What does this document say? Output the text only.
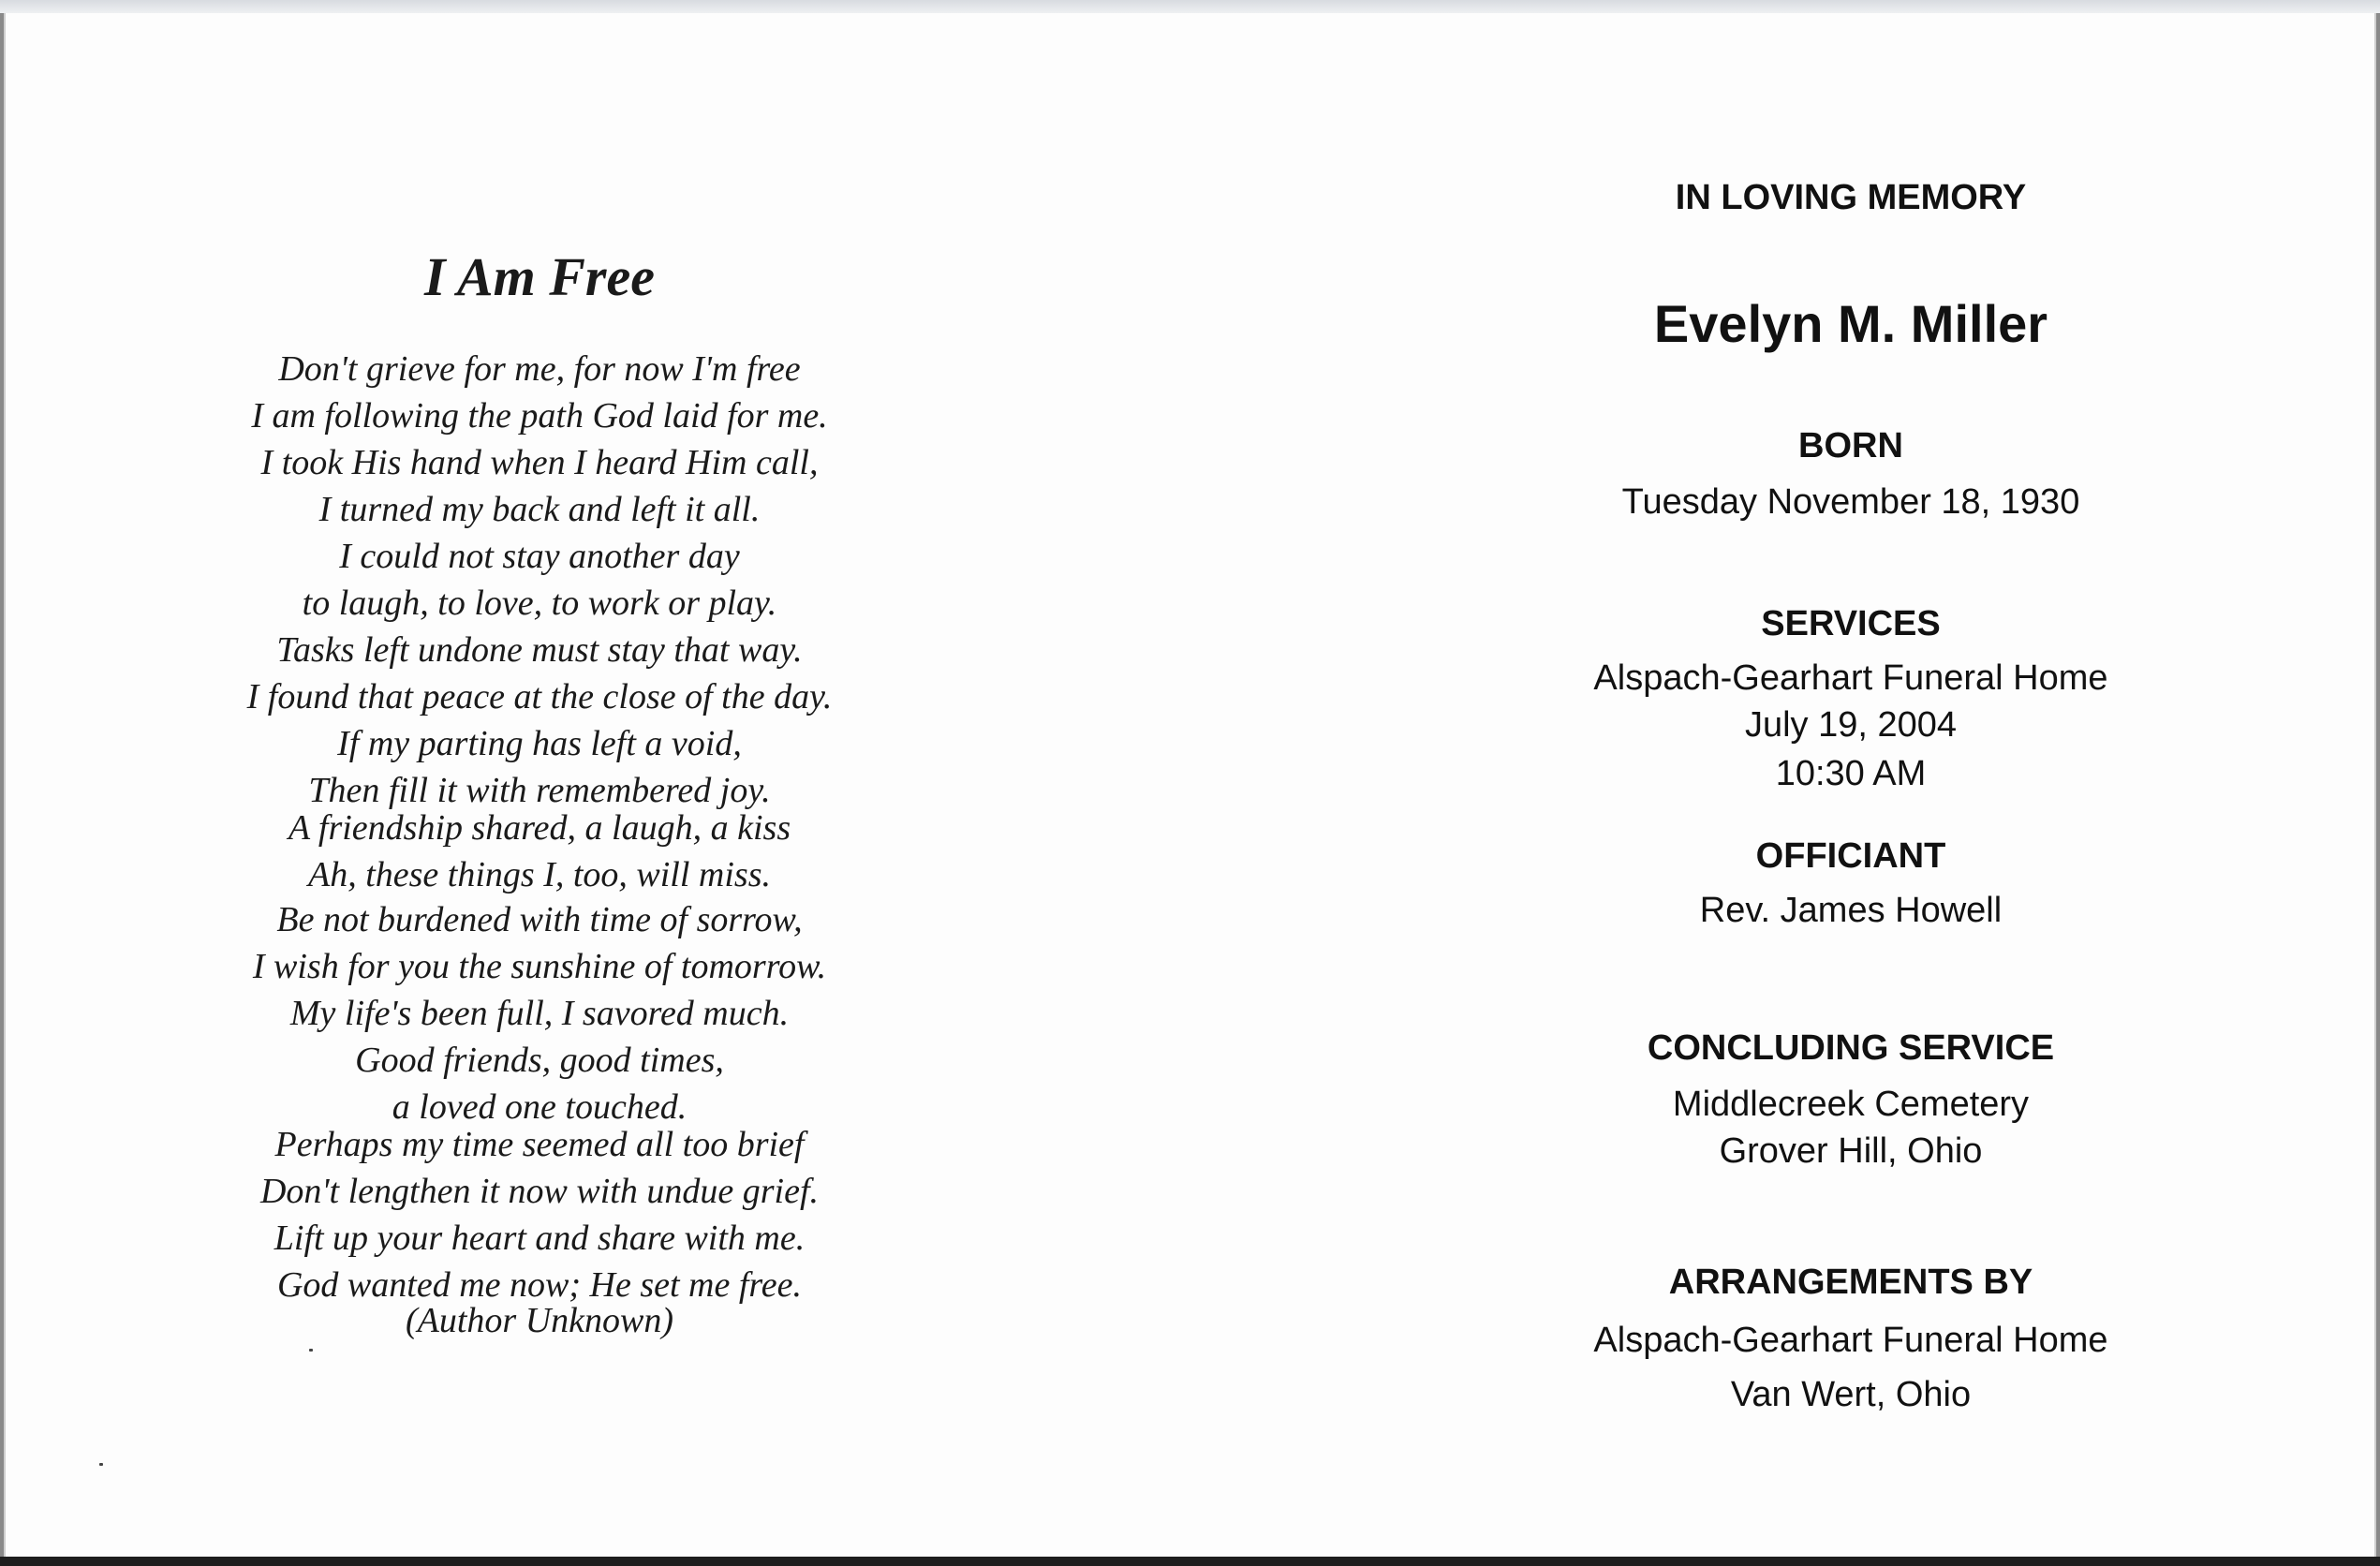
I Am Free
Don't grieve for me, for now I'm free
I am following the path God laid for me.
I took His hand when I heard Him call,
I turned my back and left it all.
I could not stay another day
to laugh, to love, to work or play.
Tasks left undone must stay that way.
I found that peace at the close of the day.
If my parting has left a void,
Then fill it with remembered joy.
A friendship shared, a laugh, a kiss
Ah, these things I, too, will miss.
Be not burdened with time of sorrow,
I wish for you the sunshine of tomorrow.
My life's been full, I savored much.
Good friends, good times,
a loved one touched.
Perhaps my time seemed all too brief
Don't lengthen it now with undue grief.
Lift up your heart and share with me.
God wanted me now; He set me free.
(Author Unknown)
IN LOVING MEMORY
Evelyn M. Miller
BORN
Tuesday November 18, 1930
SERVICES
Alspach-Gearhart Funeral Home
July 19, 2004
10:30 AM
OFFICIANT
Rev. James Howell
CONCLUDING SERVICE
Middlecreek Cemetery
Grover Hill, Ohio
ARRANGEMENTS BY
Alspach-Gearhart Funeral Home
Van Wert, Ohio
